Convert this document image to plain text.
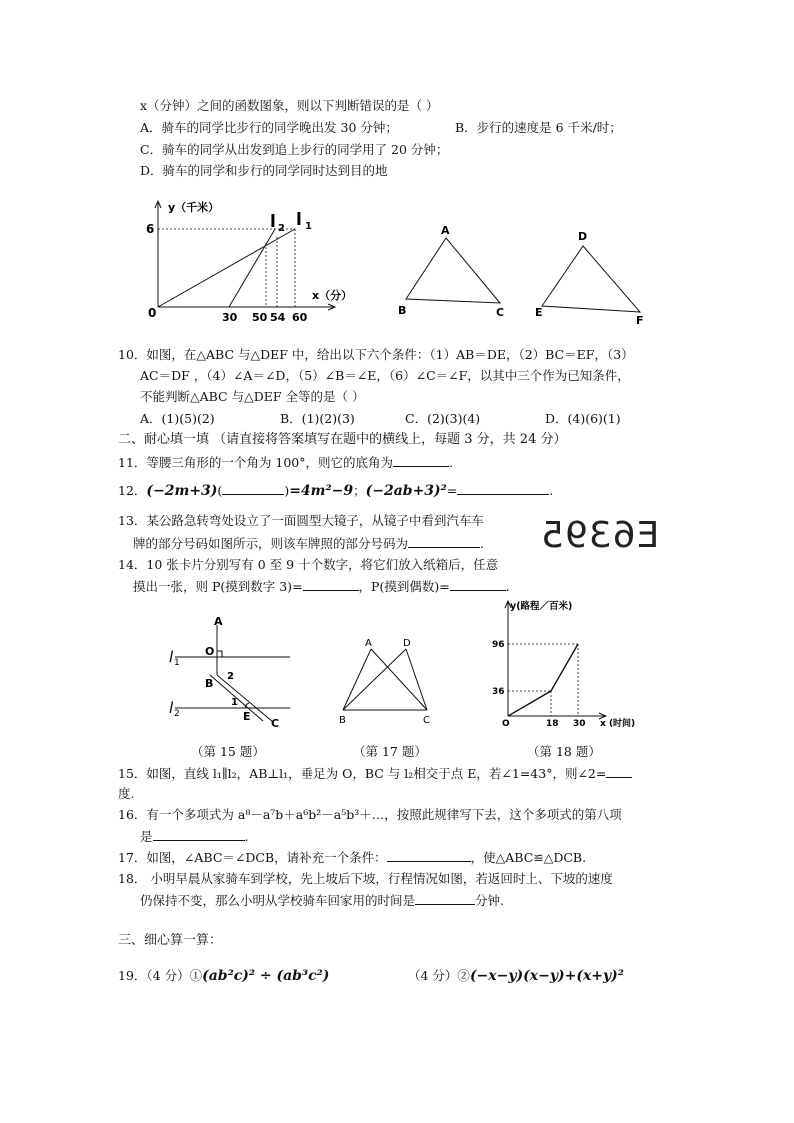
x（分钟）之间的函数图象，则以下判断错误的是（ ）
A．骑车的同学比步行的同学晚出发 30 分钟；	B．步行的速度是 6 千米/时；
C．骑车的同学从出发到追上步行的同学用了 20 分钟；
D．骑车的同学和步行的同学同时达到目的地
y（千米）
6
0
l 2 l 1
x（分）
30 50 54 60
A
B	C
D
E
F
10．如图，在△ABC 与△DEF 中，给出以下六个条件：（1）AB＝DE，（2）BC＝EF，（3）
AC＝DF ，（4）∠A＝∠D，（5）∠B＝∠E，（6）∠C＝∠F，以其中三个作为已知条件，
不能判断△ABC 与△DEF 全等的是（ ）
A．(1)(5)(2)	B．(1)(2)(3)	C．(2)(3)(4)	D．(4)(6)(1)
二、耐心填一填 （请直接将答案填写在题中的横线上，每题 3 分，共 24 分）
11．等腰三角形的一个角为 100°，则它的底角为	.
12．(−2m+3)(	)=4m²−9；(−2ab+3)²=	.
13．某公路急转弯处设立了一面圆型大镜子，从镜子中看到汽车车
牌的部分号码如图所示，则该车牌照的部分号码为	. E6395
14．10 张卡片分别写有 0 至 9 十个数字，将它们放入纸箱后，任意
摸出一张，则 P(摸到数字 3)=	，P(摸到偶数)=	.
A
O
B
2
1
E
C
l 1
l 2
（第 15 题）
A	D
B	C
（第 17 题）
y(路程／百米)
96
36
O	18 30 x (时间)
（第 18 题）
15．如图，直线 l₁∥l₂，AB⊥l₁，垂足为 O，BC 与 l₂相交于点 E，若∠1=43°，则∠2=
度.
16．有一个多项式为 a⁸－a⁷b＋a⁶b²－a⁵b³＋…，按照此规律写下去，这个多项式的第八项
是	.
17．如图，∠ABC＝∠DCB，请补充一个条件：	，使△ABC≌△DCB.
18． 小明早晨从家骑车到学校，先上坡后下坡，行程情况如图，若返回时上、下坡的速度
仍保持不变，那么小明从学校骑车回家用的时间是	分钟.
三、细心算一算：
19．（4 分）①(ab²c)² ÷ (ab³c²)	（4 分）②(−x−y)(x−y)+(x+y)²
